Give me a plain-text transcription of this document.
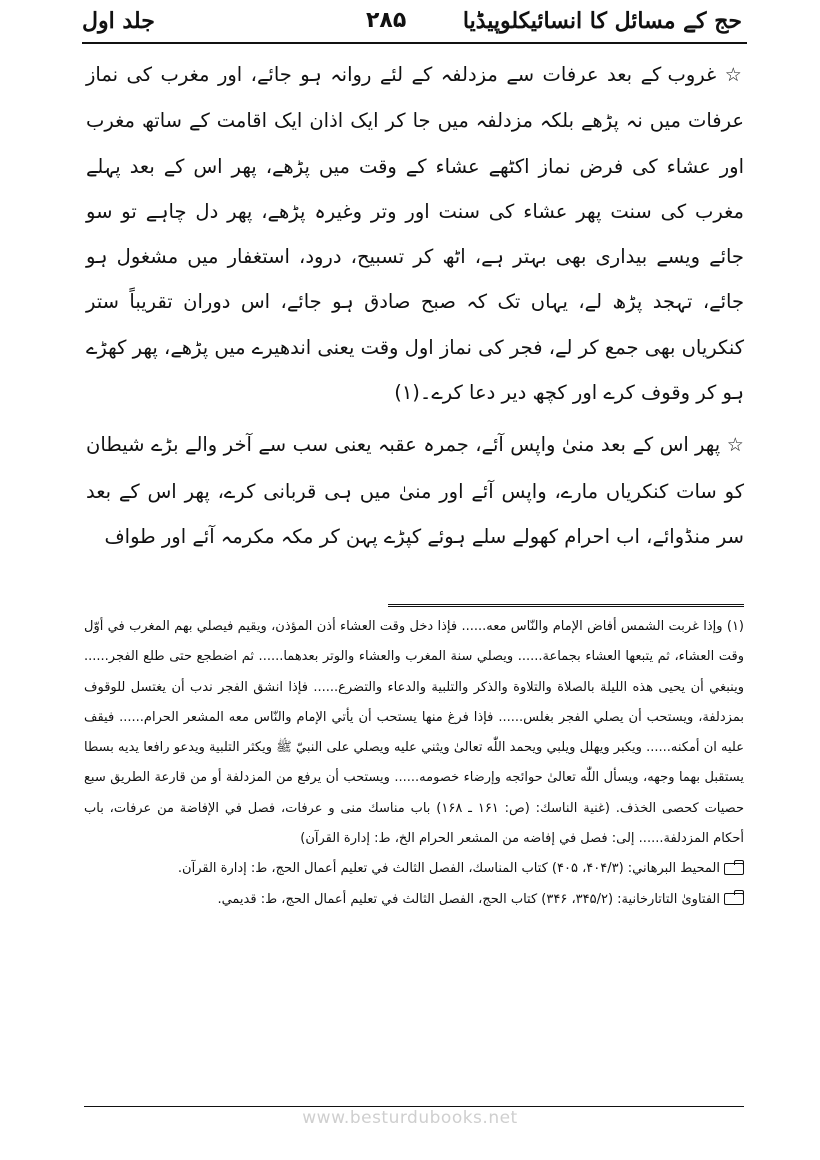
حج کے مسائل کا انسائیکلوپیڈیا
۲۸۵
جلد اول

☆ غروب کے بعد عرفات سے مزدلفہ کے لئے روانہ ہو جائے، اور مغرب کی نماز عرفات میں نہ پڑھے بلکہ مزدلفہ میں جا کر ایک اذان ایک اقامت کے ساتھ مغرب اور عشاء کی فرض نماز اکٹھے عشاء کے وقت میں پڑھے، پھر اس کے بعد پہلے مغرب کی سنت پھر عشاء کی سنت اور وتر وغیرہ پڑھے، پھر دل چاہے تو سو جائے ویسے بیداری بھی بہتر ہے، اٹھ کر تسبیح، درود، استغفار میں مشغول ہو جائے، تہجد پڑھ لے، یہاں تک کہ صبح صادق ہو جائے، اس دوران تقریباً ستر کنکریاں بھی جمع کر لے، فجر کی نماز اول وقت یعنی اندھیرے میں پڑھے، پھر کھڑے ہو کر وقوف کرے اور کچھ دیر دعا کرے۔(۱)

☆ پھر اس کے بعد منیٰ واپس آئے، جمرہ عقبہ یعنی سب سے آخر والے بڑے شیطان کو سات کنکریاں مارے، واپس آئے اور منیٰ میں ہی قربانی کرے، پھر اس کے بعد سر منڈوائے، اب احرام کھولے سلے ہوئے کپڑے پہن کر مکہ مکرمہ آئے اور طواف

(۱) وإذا غربت الشمس أفاض الإمام والنّاس معه...... فإذا دخل وقت العشاء أذن المؤذن، ويقيم فيصلي بهم المغرب في أوّل وقت العشاء، ثم يتبعها العشاء بجماعة...... ويصلي سنة المغرب والعشاء والوتر بعدهما...... ثم اضطجع حتى طلع الفجر...... وينبغي أن يحيى هذه الليلة بالصلاة والتلاوة والذكر والتلبية والدعاء والتضرع...... فإذا انشق الفجر ندب أن يغتسل للوقوف بمزدلفة، ويستحب أن يصلي الفجر بغلس...... فإذا فرغ منها يستحب أن يأتي الإمام والنّاس معه المشعر الحرام...... فيقف عليه ان أمكنه...... ويكبر ويهلل ويلبي ويحمد اللّٰه تعالىٰ ويثني عليه ويصلي على النبيّ ﷺ ويكثر التلبية ويدعو رافعا يديه بسطا يستقبل بهما وجهه، ويسأل اللّٰه تعالىٰ حوائجه وإرضاء خصومه...... ويستحب أن يرفع من المزدلفة أو من قارعة الطريق سبع حصيات كحصى الخذف. (غنية الناسك: (ص: ۱۶۱ ـ ۱۶۸) باب مناسك منى و عرفات، فصل في الإفاضة من عرفات، باب أحكام المزدلفة...... إلى: فصل في إفاضه من المشعر الحرام الخ، ط: إدارة القرآن)

المحيط البرهاني: (۴۰۴/۳، ۴۰۵) كتاب المناسك، الفصل الثالث في تعليم أعمال الحج، ط: إدارة القرآن.

الفتاوىٰ التاتارخانية: (۳۴۵/۲، ۳۴۶) كتاب الحج، الفصل الثالث في تعليم أعمال الحج، ط: قديمي.

www.besturdubooks.net
